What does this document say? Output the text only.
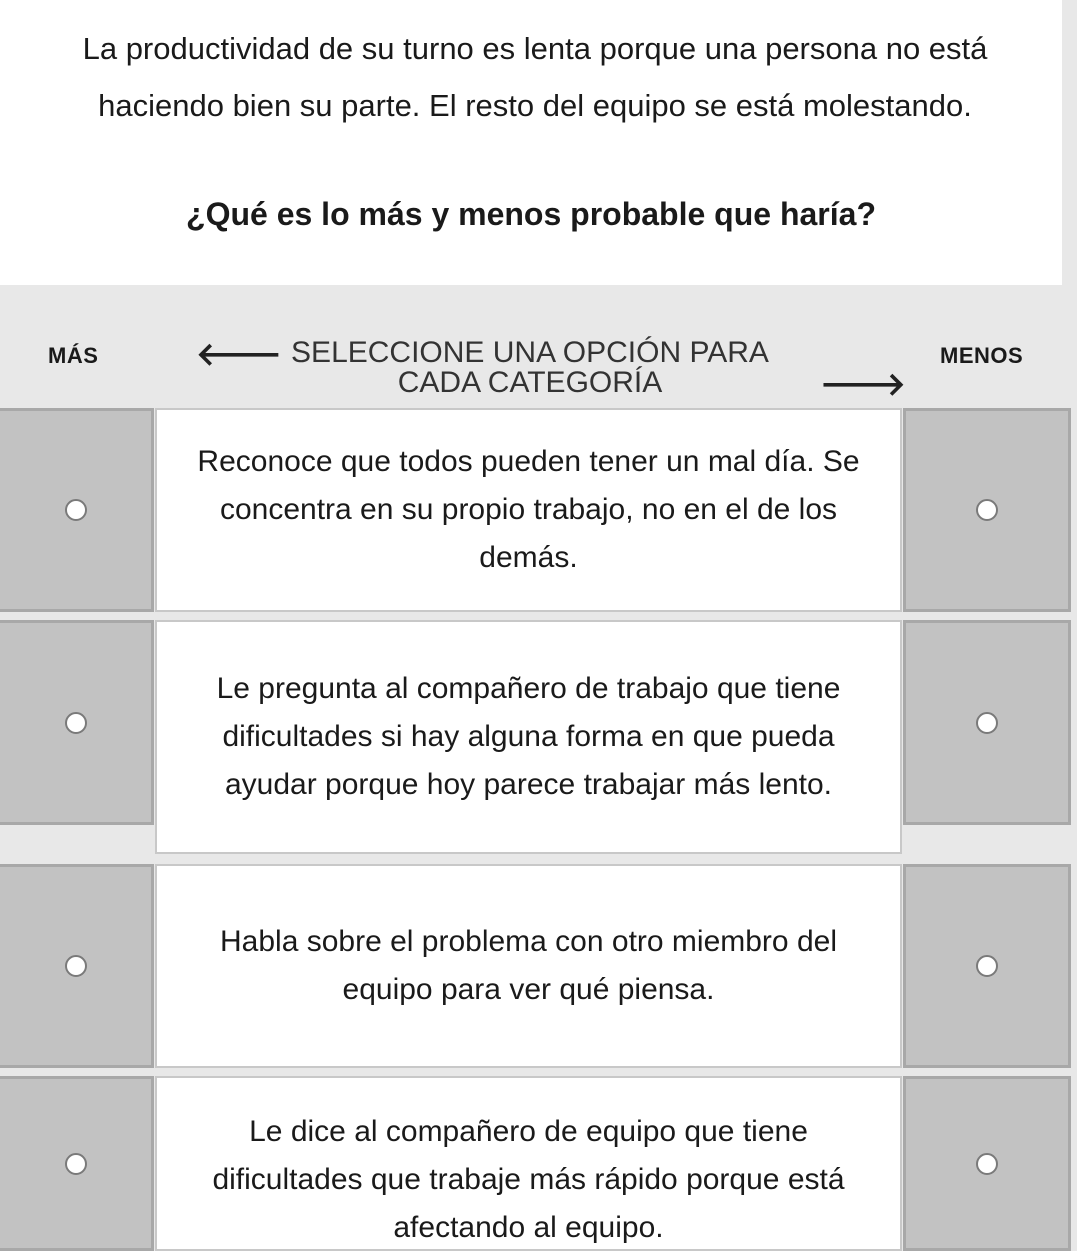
La productividad de su turno es lenta porque una persona no está haciendo bien su parte. El resto del equipo se está molestando.

¿Qué es lo más y menos probable que haría?

MÁS	🡐 SELECCIONE UNA OPCIÓN PARA CADA CATEGORÍA	🡒
MENOS
Reconoce que todos pueden tener un mal día. Se concentra en su propio trabajo, no en el de los demás.
Le pregunta al compañero de trabajo que tiene dificultades si hay alguna forma en que pueda ayudar porque hoy parece trabajar más lento.
Habla sobre el problema con otro miembro del equipo para ver qué piensa.
Le dice al compañero de equipo que tiene dificultades que trabaje más rápido porque está afectando al equipo.
